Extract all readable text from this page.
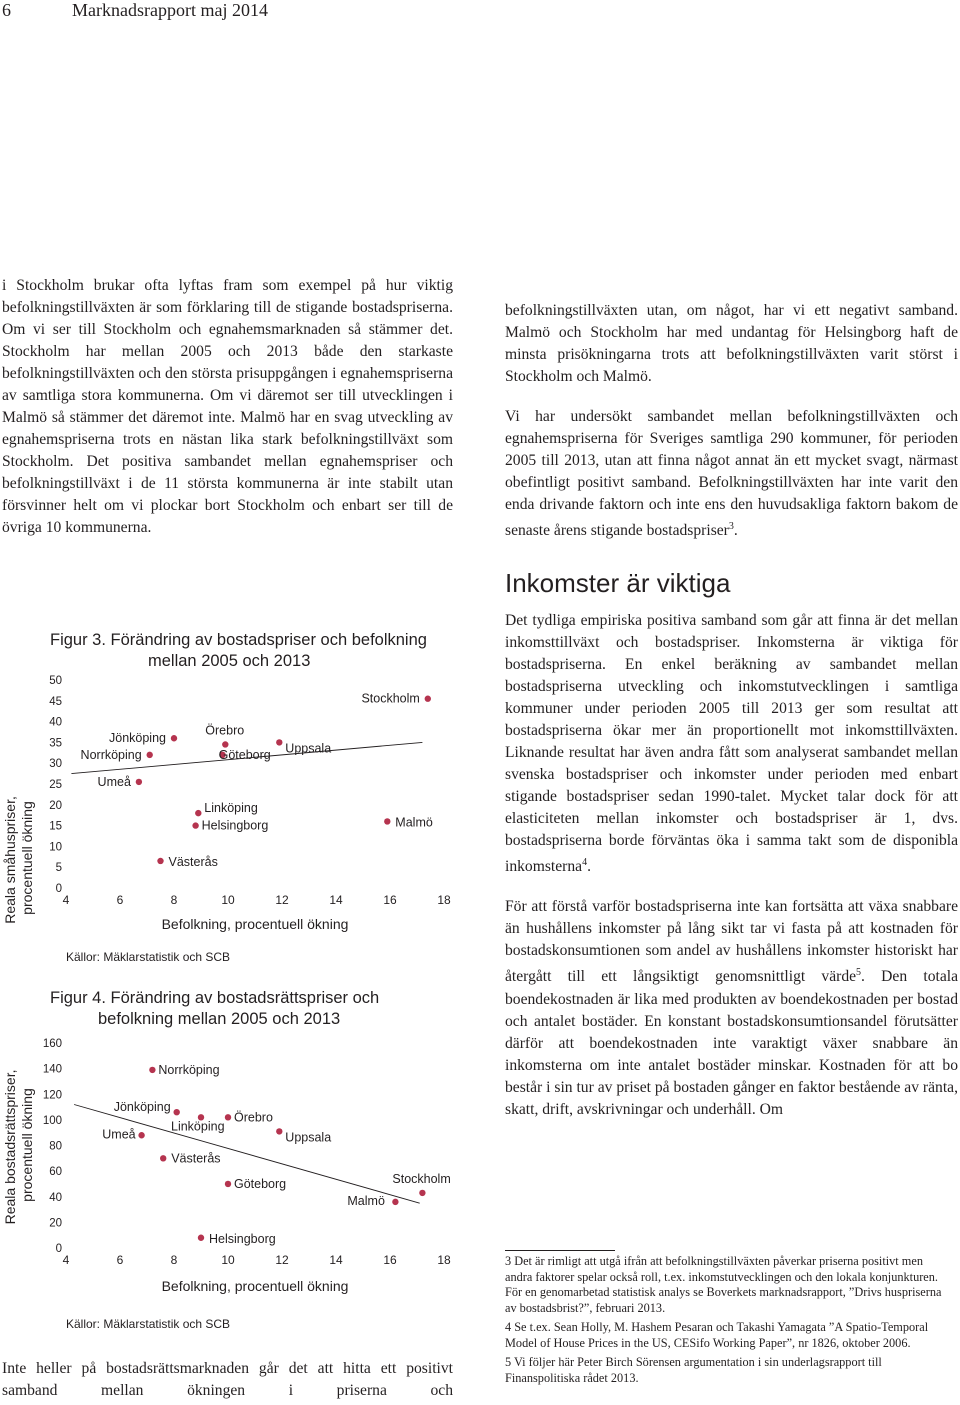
6	Marknadsrapport maj 2014

i Stockholm brukar ofta lyftas fram som exempel på hur viktig befolkningstillväxten är som förklaring till de stigande bostadspriserna. Om vi ser till Stockholm och egnahemsmarknaden så stämmer det. Stockholm har mellan 2005 och 2013 både den starkaste befolkningstillväxten och den största prisuppgången i egnahemspriserna av samtliga stora kommunerna. Om vi däremot ser till utvecklingen i Malmö så stämmer det däremot inte. Malmö har en svag utveckling av egnahemspriserna trots en nästan lika stark befolkningstillväxt som Stockholm. Det positiva sambandet mellan egnahemspriser och befolkningstillväxt i de 11 största kommunerna är inte stabilt utan försvinner helt om vi plockar bort Stockholm och enbart ser till de övriga 10 kommunerna.

befolkningstillväxten utan, om något, har vi ett negativt samband. Malmö och Stockholm har med undantag för Helsingborg haft de minsta prisökningarna trots att befolkningstillväxten varit störst i Stockholm och Malmö.

Vi har undersökt sambandet mellan befolkningstillväxten och egnahemspriserna för Sveriges samtliga 290 kommuner, för perioden 2005 till 2013, utan att finna något annat än ett mycket svagt, närmast obefintligt positivt samband. Befolkningstillväxten har inte varit den enda drivande faktorn och inte ens den huvudsakliga faktorn bakom de senaste årens stigande bostadspriser$^3$.

Inkomster är viktiga

Det tydliga empiriska positiva samband som går att finna är det mellan inkomsttillväxt och bostadspriser. Inkomsterna är viktiga för bostadspriserna. En enkel beräkning av sambandet mellan bostadspriserna utveckling och inkomstutvecklingen i samtliga kommuner under perioden 2005 till 2013 ger som resultat att bostadspriserna ökar mer än proportionellt mot inkomsttillväxten. Liknande resultat har även andra fått som analyserat sambandet mellan svenska bostadspriser och inkomster under perioden med enbart stigande bostadspriser sedan 1990-talet. Mycket talar dock för att elasticiteten mellan inkomster och bostadspriser är 1, dvs. bostadspriserna borde förväntas öka i samma takt som de disponibla inkomsterna$^4$.

För att förstå varför bostadspriserna inte kan fortsätta att växa snabbare än hushållens inkomster på lång sikt tar vi fasta på att kostnaden för bostadskonsumtionen som andel av hushållens inkomster historiskt har återgått till ett långsiktigt genomsnittligt värde$^5$. Den totala boendekostnaden är lika med produkten av boendekostnaden per bostad och antalet bostäder. En konstant bostadskonsumtionsandel förutsätter därför att boendekostnaden inte varaktigt växer snabbare än inkomsterna om inte antalet bostäder minskar. Kostnaden för att bo består i sin tur av priset på bostaden gånger en faktor bestående av ränta, skatt, drift, avskrivningar och underhåll. Om

3 Det är rimligt att utgå ifrån att befolkningstillväxten påverkar priserna positivt men andra faktorer spelar också roll, t.ex. inkomstutvecklingen och den lokala konjunkturen. För en genomarbetad statistisk analys se Boverkets marknadsrapport, ”Drivs huspriserna av bostadsbrist?”, februari 2013.

4 Se t.ex. Sean Holly, M. Hashem Pesaran och Takashi Yamagata ”A Spatio-Temporal Model of House Prices in the US, CESifo Working Paper”, nr 1826, oktober 2006.

5 Vi följer här Peter Birch Sörensen argumentation i sin underlagsrapport till Finanspolitiska rådet 2013.

Inte heller på bostadsrättsmarknaden går det att hitta ett positivt samband mellan ökningen i priserna och
Figur 3. Förändring av bostadspriser och befolkning
mellan 2005 och 2013
Reala småhuspriser, procentuell ökning 0
5
10
15
20
25
30
35
40
45
50
4	6	8	10	12	14	16	18
Stockholm
Jönköping
Örebro
Uppsala
Norrköping	Göteborg
Umeå
Linköping
Helsingborg	Malmö
Västerås
Befolkning, procentuell ökning
Källor: Mäklarstatistik och SCB
Figur 4. Förändring av bostadsrättspriser och
befolkning mellan 2005 och 2013
Reala bostadsrättspriser, procentuell ökning
0
20
40
60
80
100
120
140
160
4	6	8	10	12	14	16	18
Norrköping
Jönköping
Linköping
Örebro
Uppsala
Umeå
Västerås
Göteborg	Stockholm
Malmö
Helsingborg
Befolkning, procentuell ökning
Källor: Mäklarstatistik och SCB
